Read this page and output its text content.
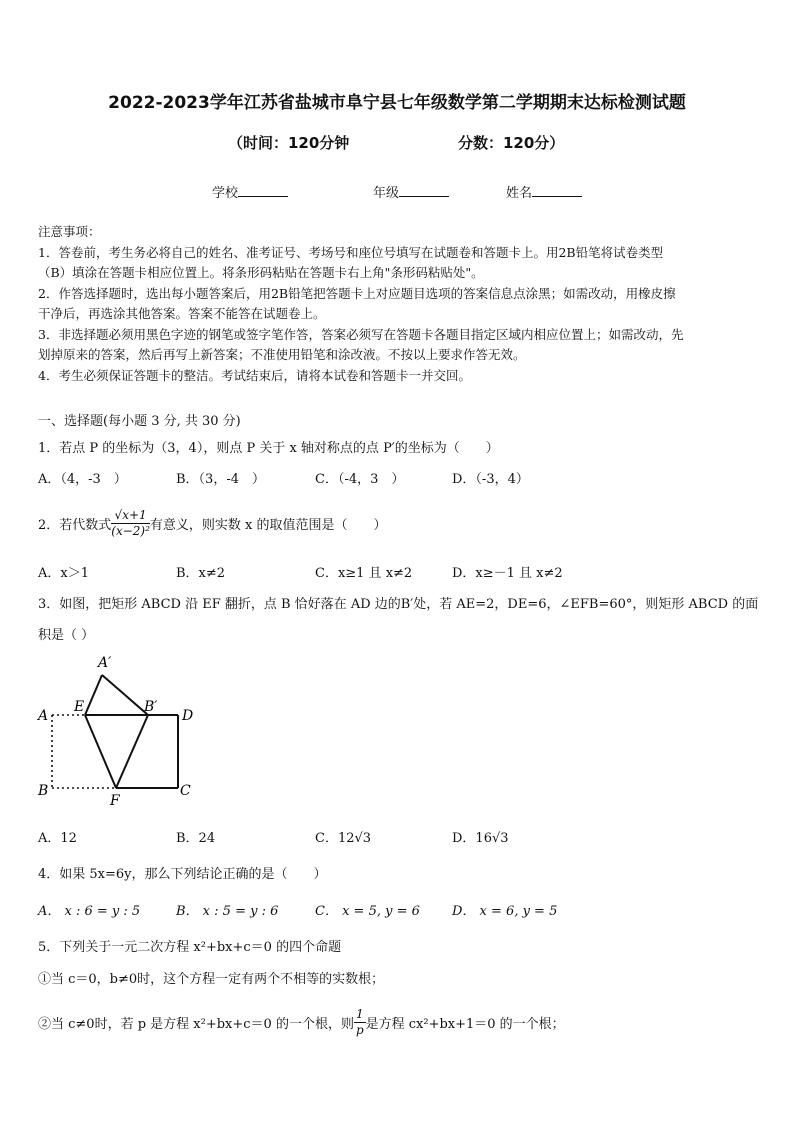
2022-2023学年江苏省盐城市阜宁县七年级数学第二学期期末达标检测试题
（时间：120分钟	分数：120分）
学校	年级	姓名

注意事项：

1．答卷前，考生务必将自己的姓名、准考证号、考场号和座位号填写在试题卷和答题卡上。用2B铅笔将试卷类型

（B）填涂在答题卡相应位置上。将条形码粘贴在答题卡右上角"条形码粘贴处"。

2．作答选择题时，选出每小题答案后，用2B铅笔把答题卡上对应题目选项的答案信息点涂黑；如需改动，用橡皮擦

干净后，再选涂其他答案。答案不能答在试题卷上。

3．非选择题必须用黑色字迹的钢笔或签字笔作答，答案必须写在答题卡各题目指定区域内相应位置上；如需改动，先

划掉原来的答案，然后再写上新答案；不准使用铅笔和涂改液。不按以上要求作答无效。

4．考生必须保证答题卡的整洁。考试结束后，请将本试卷和答题卡一并交回。

一、选择题(每小题 3 分, 共 30 分)
1．若点 P 的坐标为（3，4），则点 P 关于 x 轴对称点的点 P′的坐标为（　　）
A．（4，-3　）	B．（3，-4　）	C．（-4，3　）	D．（-3，4）
2．若代数式 $\frac{√x+1}{\text{(x−2)²}}$ 有意义，则实数 x 的取值范围是（　　）
A．x＞1	B．x≠2	C．x≥1 且 x≠2	D．x≥－1 且 x≠2
3．如图，把矩形 ABCD 沿 EF 翻折，点 B 恰好落在 AD 边的B′处，若 AE=2，DE=6，∠EFB=60°，则矩形 ABCD 的面
积是（ ）
A′
A
E	B′
D
B
F
C
A．12	B．24	C．12√3	D．16√3
4．如果 5x=6y，那么下列结论正确的是（　　）
A． x : 6 = y : 5	B． x : 5 = y : 6	C． x = 5, y = 6 D． x = 6, y = 5
5．下列关于一元二次方程 x²+bx+c＝0 的四个命题
①当 c＝0，b≠0时，这个方程一定有两个不相等的实数根；
②当 c≠0时，若 p 是方程 x²+bx+c＝0 的一个根，则 $\frac{1}{p}$ 是方程 cx²+bx+1＝0 的一个根；
